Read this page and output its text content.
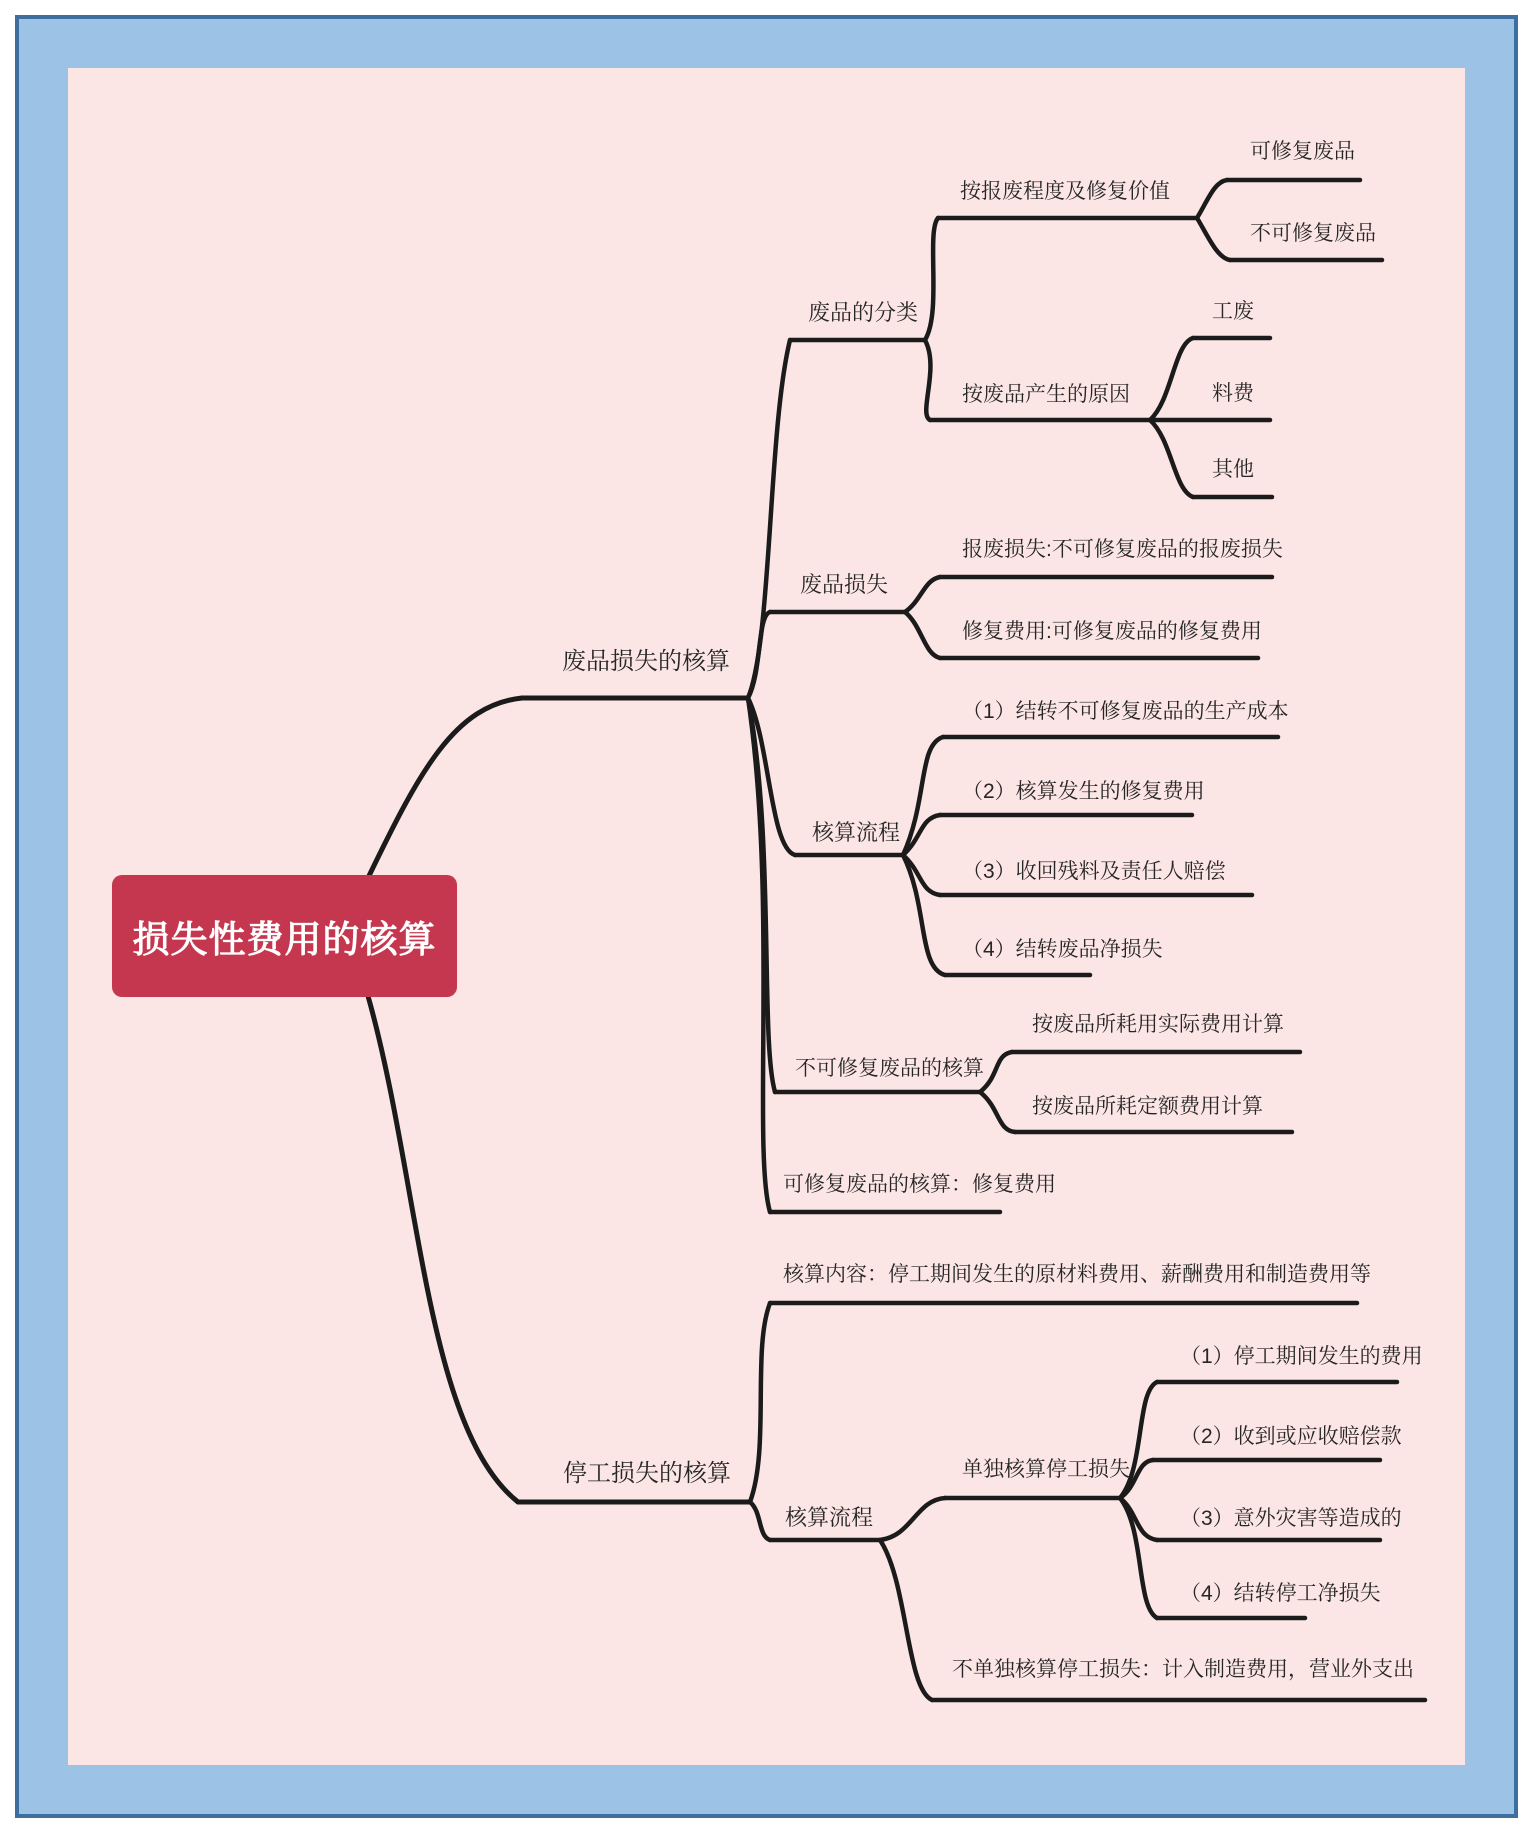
损失性费用的核算
废品损失的核算
废品的分类
按报废程度及修复价值
可修复废品
不可修复废品
按废品产生的原因
工废
料费
其他
废品损失
报废损失:不可修复废品的报废损失
修复费用:可修复废品的修复费用
核算流程
（1）结转不可修复废品的生产成本
（2）核算发生的修复费用
（3）收回残料及责任人赔偿
（4）结转废品净损失
不可修复废品的核算
按废品所耗用实际费用计算
按废品所耗定额费用计算
可修复废品的核算：修复费用
停工损失的核算
核算内容：停工期间发生的原材料费用、薪酬费用和制造费用等
核算流程
单独核算停工损失
（1）停工期间发生的费用
（2）收到或应收赔偿款
（3）意外灾害等造成的
（4）结转停工净损失
不单独核算停工损失：计入制造费用，营业外支出
